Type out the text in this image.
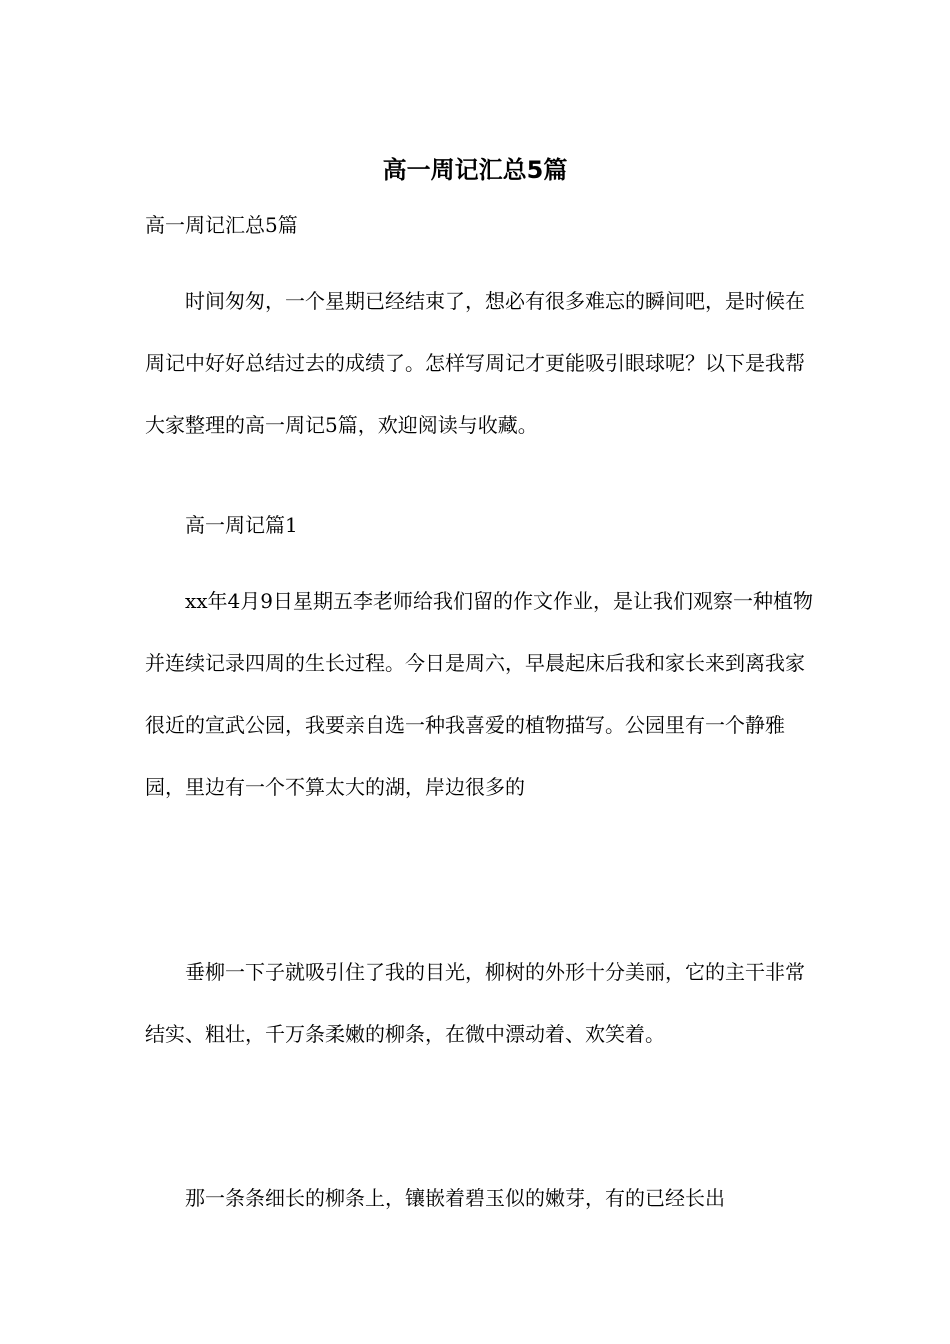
高一周记汇总5篇

高一周记汇总5篇

时间匆匆，一个星期已经结束了，想必有很多难忘的瞬间吧，是时候在周记中好好总结过去的成绩了。怎样写周记才更能吸引眼球呢？以下是我帮大家整理的高一周记5篇，欢迎阅读与收藏。

高一周记篇1

xx年4月9日星期五李老师给我们留的作文作业，是让我们观察一种植物并连续记录四周的生长过程。今日是周六，早晨起床后我和家长来到离我家很近的宣武公园，我要亲自选一种我喜爱的植物描写。公园里有一个静雅园，里边有一个不算太大的湖，岸边很多的

垂柳一下子就吸引住了我的目光，柳树的外形十分美丽，它的主干非常结实、粗壮，千万条柔嫩的柳条，在微中漂动着、欢笑着。

那一条条细长的柳条上，镶嵌着碧玉似的嫩芽，有的已经长出
